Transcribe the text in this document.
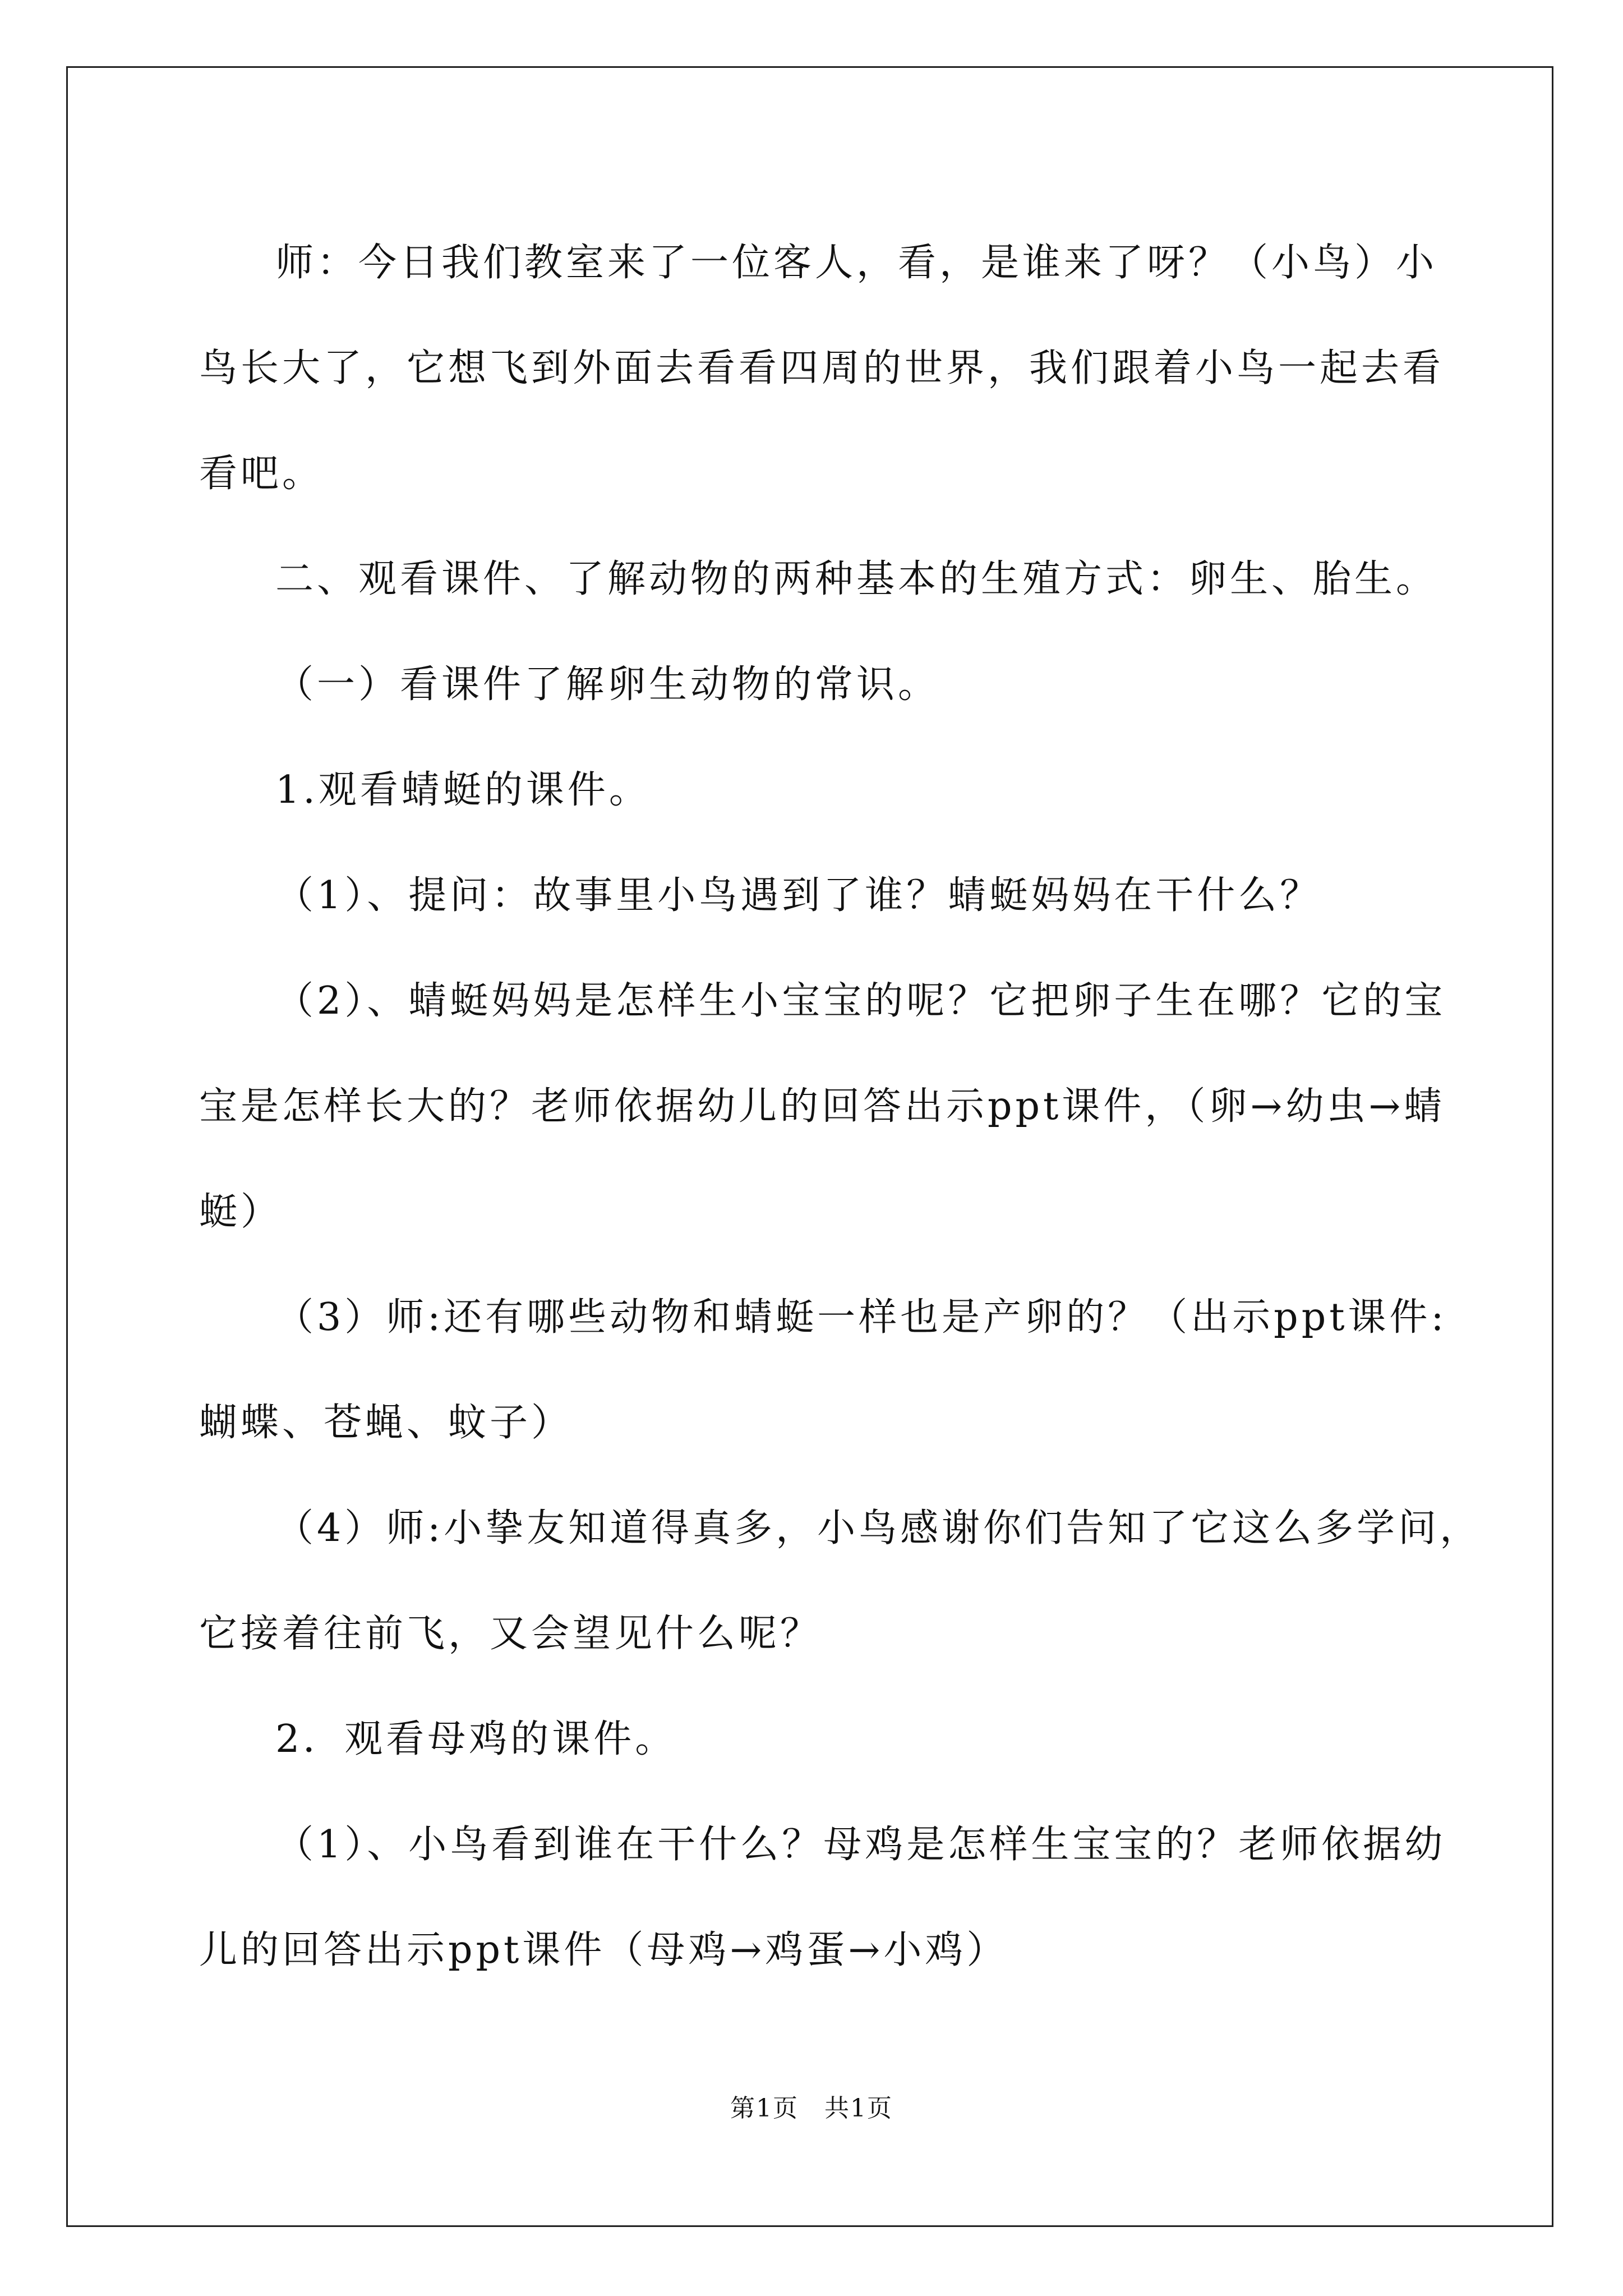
师：今日我们教室来了一位客人，看，是谁来了呀？（小鸟）小
鸟长大了，它想飞到外面去看看四周的世界，我们跟着小鸟一起去看
看吧。
二、观看课件、了解动物的两种基本的生殖方式：卵生、胎生。
（一）看课件了解卵生动物的常识。
1.观看蜻蜓的课件。
（1）、提问：故事里小鸟遇到了谁？蜻蜓妈妈在干什么？
（2）、蜻蜓妈妈是怎样生小宝宝的呢？它把卵子生在哪？它的宝
宝是怎样长大的？老师依据幼儿的回答出示ppt课件，（卵→幼虫→蜻
蜓）
（3）师:还有哪些动物和蜻蜓一样也是产卵的？（出示ppt课件:
蝴蝶、苍蝇、蚊子）
（4）师:小挚友知道得真多，小鸟感谢你们告知了它这么多学问，
它接着往前飞，又会望见什么呢？
2．观看母鸡的课件。
（1）、小鸟看到谁在干什么？母鸡是怎样生宝宝的？老师依据幼
儿的回答出示ppt课件（母鸡→鸡蛋→小鸡）
第1页 共1页
